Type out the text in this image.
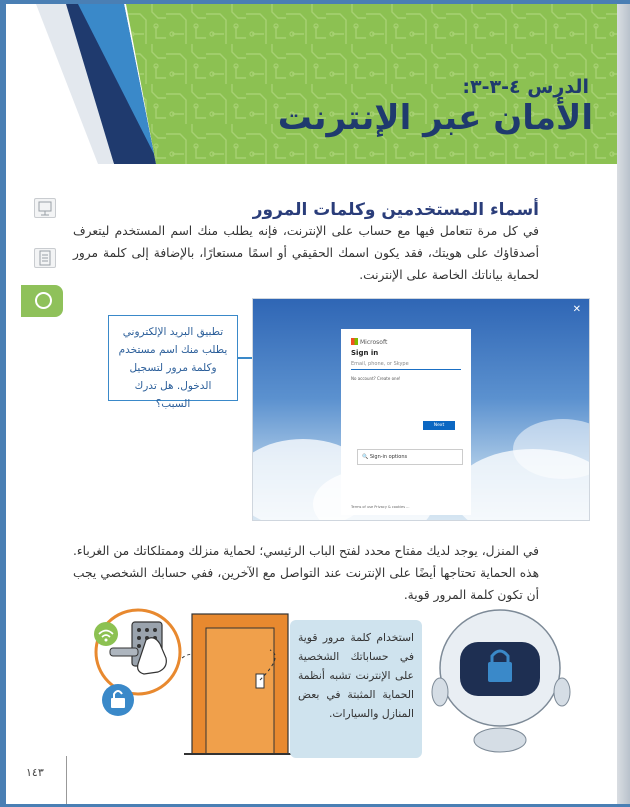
الدرس ٤-٣-٣:
الأمان عبر الإنترنت
أسماء المستخدمين وكلمات المرور
في كل مرة تتعامل فيها مع حساب على الإنترنت، فإنه يطلب منك اسم المستخدم ليتعرف أصدقاؤك على هويتك، فقد يكون اسمك الحقيقي أو اسمًا مستعارًا، بالإضافة إلى كلمة مرور لحماية بياناتك الخاصة على الإنترنت.
تطبيق البريد الإلكتروني يطلب منك اسم مستخدم وكلمة مرور لتسجيل الدخول. هل تدرك السبب؟
✕
Microsoft
Sign in
Email, phone, or Skype
No account? Create one!
Next
🔍 Sign-in options
Terms of use Privacy & cookies ...
في المنزل، يوجد لديك مفتاح محدد لفتح الباب الرئيسي؛ لحماية منزلك وممتلكاتك من الغرباء. هذه الحماية تحتاجها أيضًا على الإنترنت عند التواصل مع الآخرين، ففي حسابك الشخصي يجب أن تكون كلمة المرور قوية.
استخدام كلمة مرور قوية في حساباتك الشخصية على الإنترنت تشبه أنظمة الحماية المثبتة في بعض المنازل والسيارات.
١٤٣
